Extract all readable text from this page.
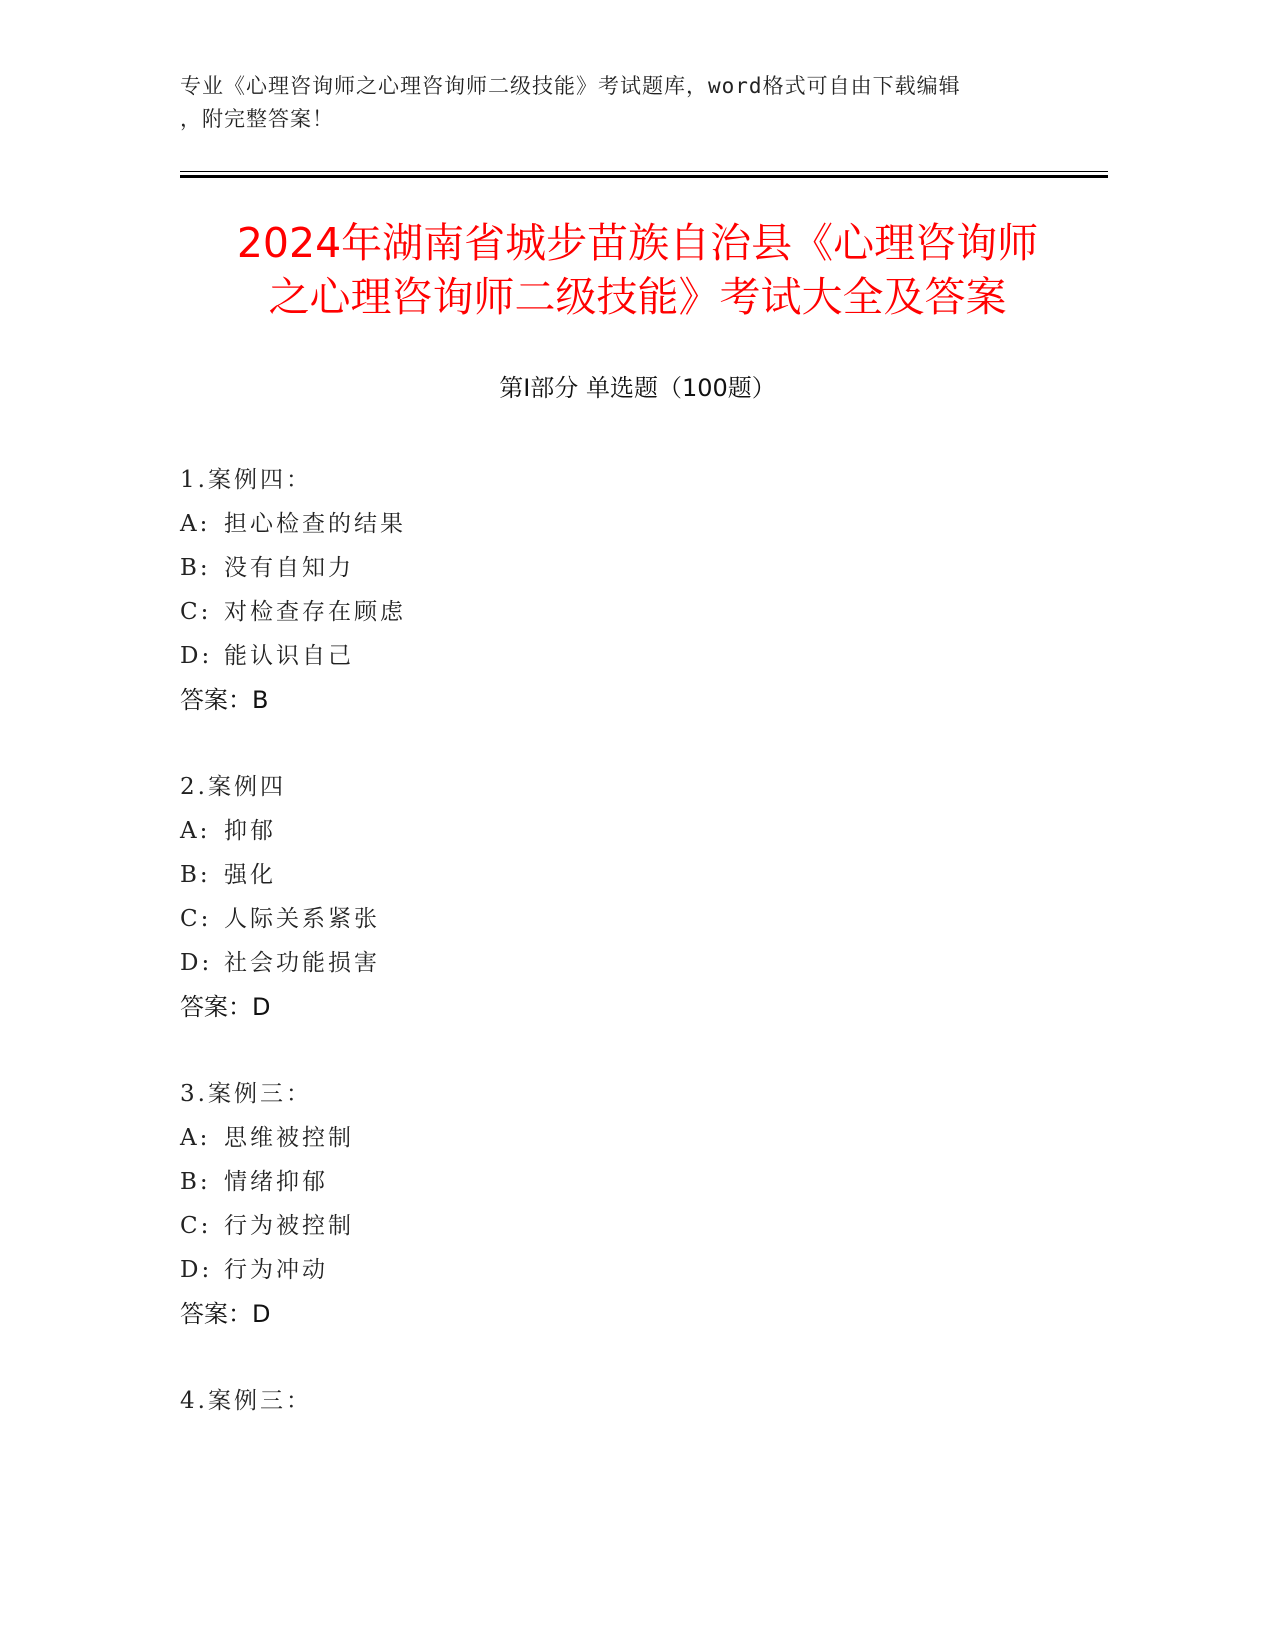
专业《心理咨询师之心理咨询师二级技能》考试题库，word格式可自由下载编辑
，附完整答案！
2024年湖南省城步苗族自治县《心理咨询师
之心理咨询师二级技能》考试大全及答案
第Ⅰ部分 单选题（100题）
1.案例四：
A: 担心检查的结果
B: 没有自知力
C: 对检查存在顾虑
D: 能认识自己
答案：B
2.案例四
A: 抑郁
B: 强化
C: 人际关系紧张
D: 社会功能损害
答案：D
3.案例三：
A: 思维被控制
B: 情绪抑郁
C: 行为被控制
D: 行为冲动
答案：D
4.案例三：
